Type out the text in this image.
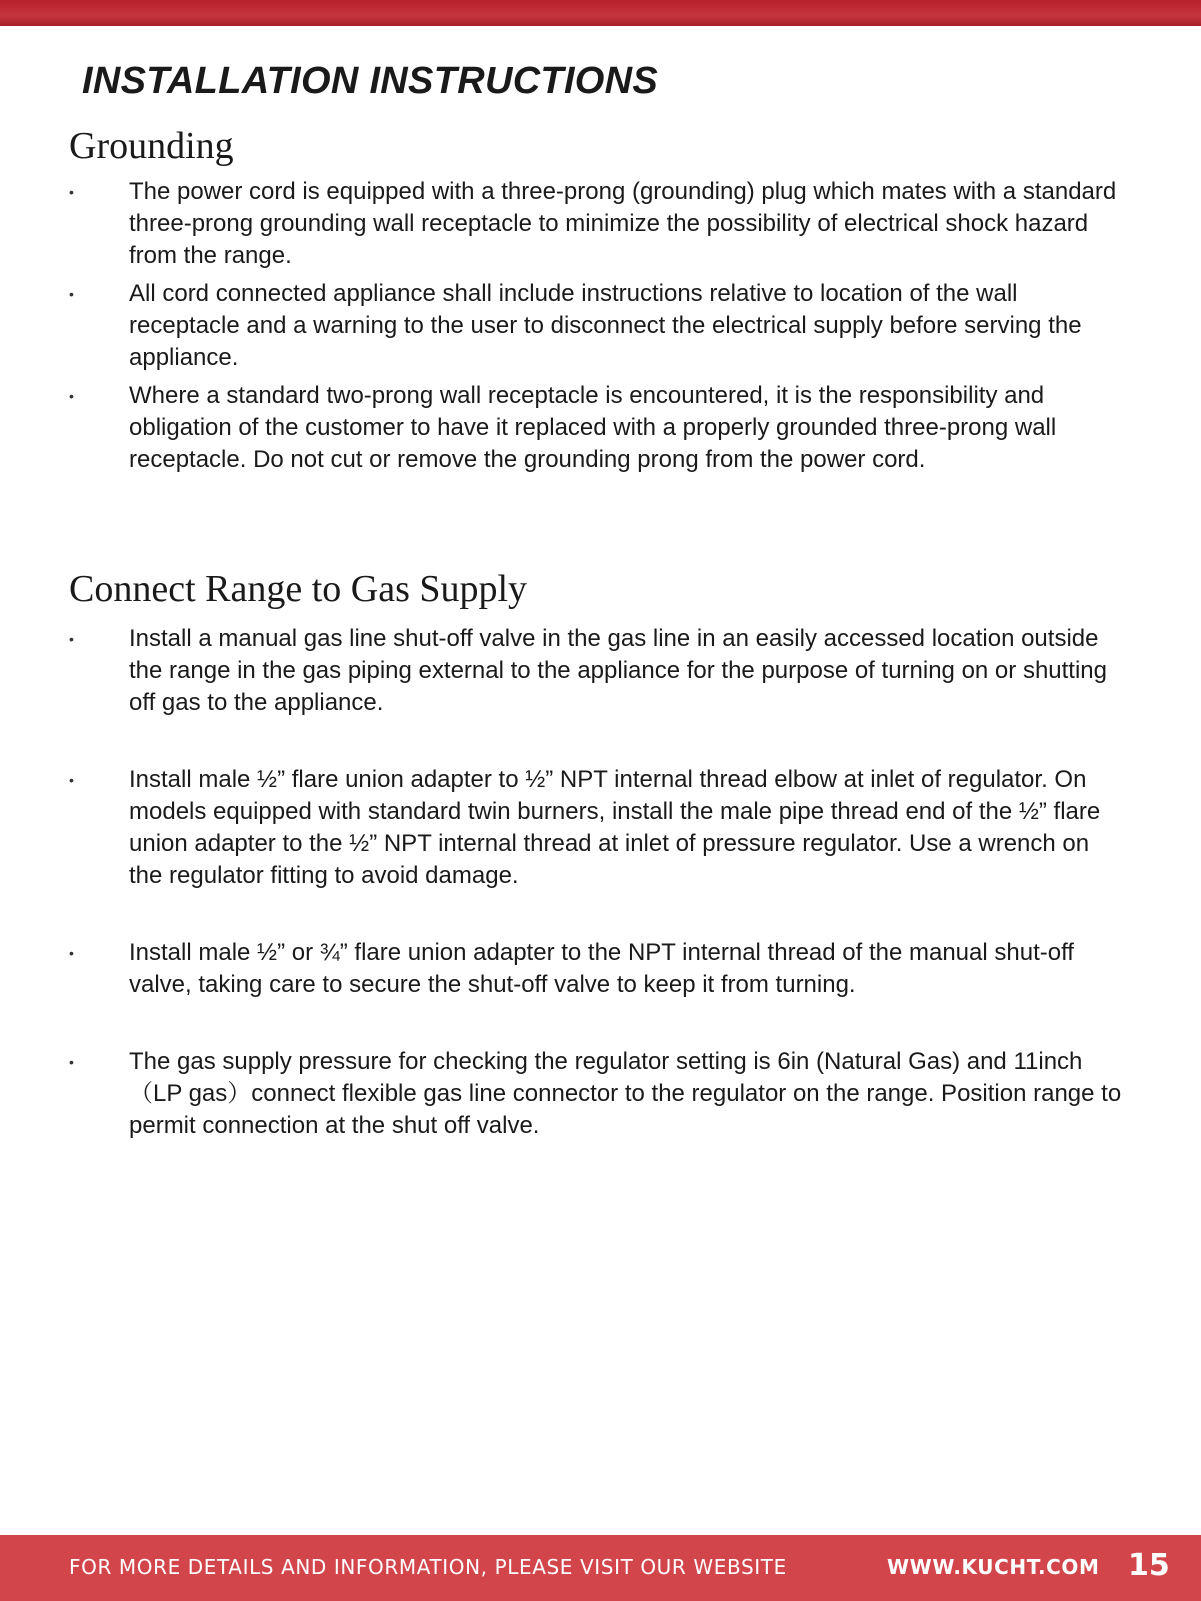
INSTALLATION INSTRUCTIONS
Grounding
• The power cord is equipped with a three-prong (grounding) plug which mates with a standard three-prong grounding wall receptacle to minimize the possibility of electrical shock hazard from the range.
• All cord connected appliance shall include instructions relative to location of the wall receptacle and a warning to the user to disconnect the electrical supply before serving the appliance.
• Where a standard two-prong wall receptacle is encountered, it is the responsibility and obligation of the customer to have it replaced with a properly grounded three-prong wall receptacle. Do not cut or remove the grounding prong from the power cord.
Connect Range to Gas Supply
• Install a manual gas line shut-off valve in the gas line in an easily accessed location outside the range in the gas piping external to the appliance for the purpose of turning on or shutting off gas to the appliance.
• Install male ½” flare union adapter to ½” NPT internal thread elbow at inlet of regulator. On models equipped with standard twin burners, install the male pipe thread end of the ½” flare union adapter to the ½” NPT internal thread at inlet of pressure regulator. Use a wrench on the regulator fitting to avoid damage.
• Install male ½” or ¾” flare union adapter to the NPT internal thread of the manual shut-off valve, taking care to secure the shut-off valve to keep it from turning.
• The gas supply pressure for checking the regulator setting is 6in (Natural Gas) and 11inch（LP gas）connect flexible gas line connector to the regulator on the range. Position range to permit connection at the shut off valve.
FOR MORE DETAILS AND INFORMATION, PLEASE VISIT OUR WEBSITE	WWW.KUCHT.COM 15
